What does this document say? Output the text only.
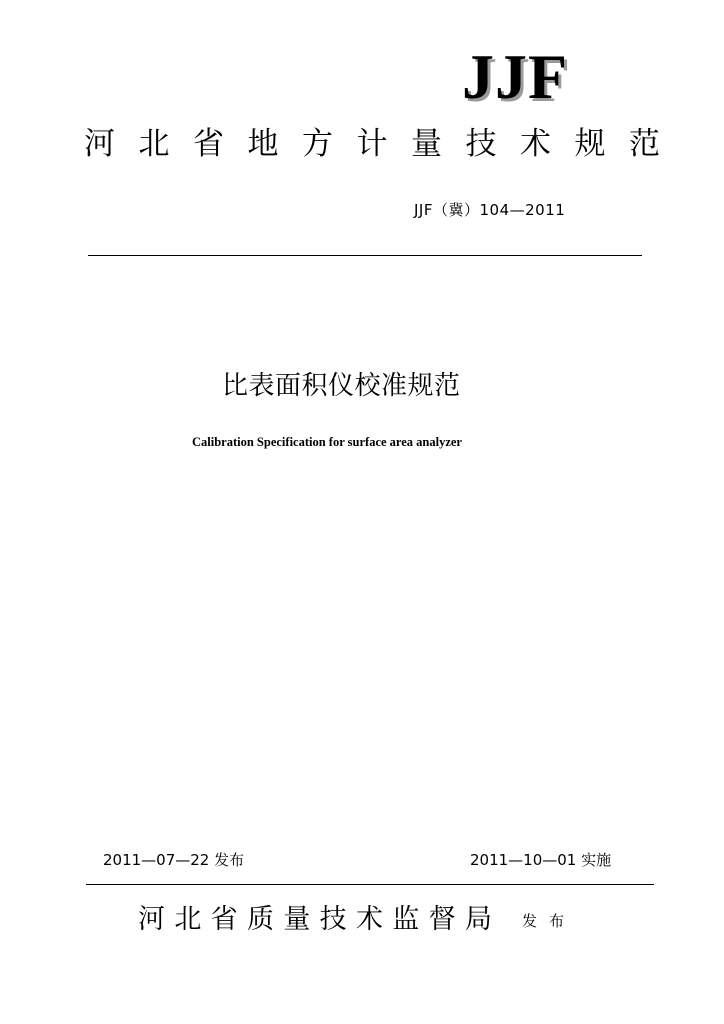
JJF
河 北 省 地 方 计 量 技 术 规 范
JJF（冀）104—2011
比表面积仪校准规范
Calibration Specification for surface area analyzer
2011—07—22 发布	2011—10—01 实施
河 北 省 质 量 技 术 监 督 局 发 布
